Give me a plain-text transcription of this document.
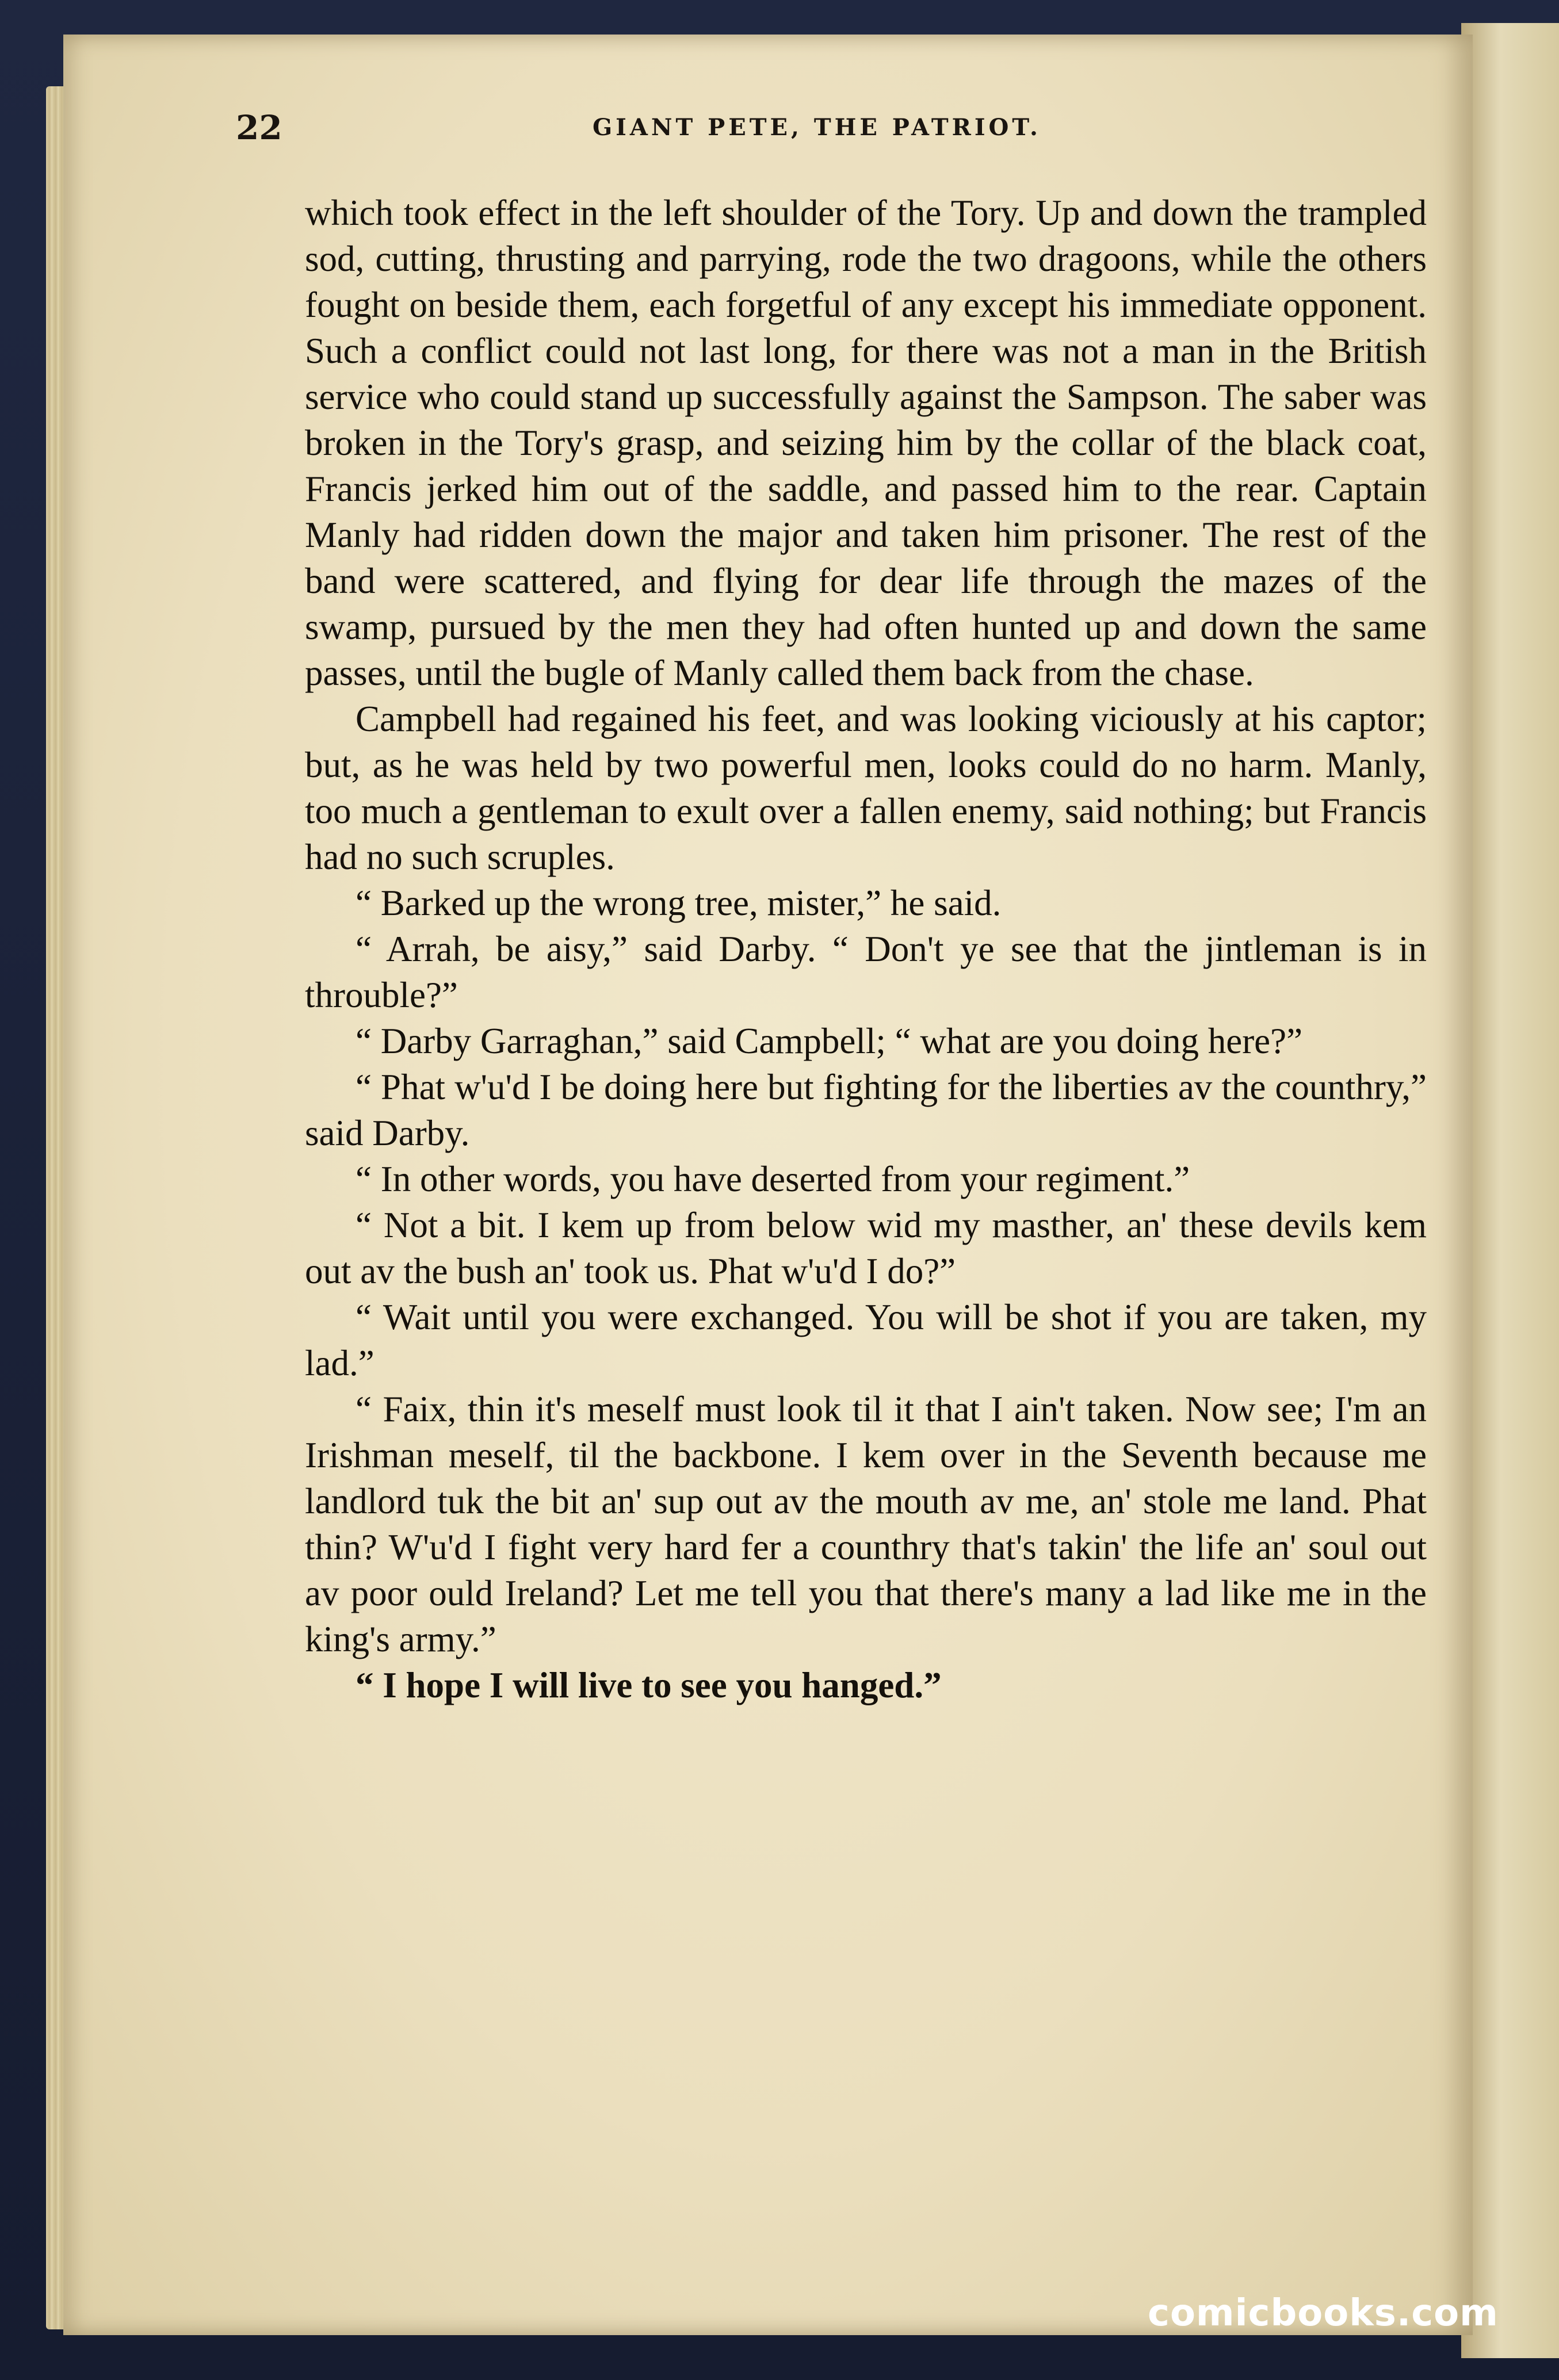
22	GIANT PETE, THE PATRIOT.

which took effect in the left shoulder of the Tory. Up and down the trampled sod, cutting, thrusting and parrying, rode the two dragoons, while the others fought on beside them, each forgetful of any except his immediate opponent. Such a conflict could not last long, for there was not a man in the British service who could stand up successfully against the Sampson. The saber was broken in the Tory's grasp, and seizing him by the collar of the black coat, Francis jerked him out of the saddle, and passed him to the rear. Captain Manly had ridden down the major and taken him prisoner. The rest of the band were scattered, and flying for dear life through the mazes of the swamp, pursued by the men they had often hunted up and down the same passes, until the bugle of Manly called them back from the chase.

Campbell had regained his feet, and was looking viciously at his captor; but, as he was held by two powerful men, looks could do no harm. Manly, too much a gentleman to exult over a fallen enemy, said nothing; but Francis had no such scruples.

“ Barked up the wrong tree, mister,” he said.

“ Arrah, be aisy,” said Darby. “ Don't ye see that the jintleman is in throuble?”

“ Darby Garraghan,” said Campbell; “ what are you doing here?”

“ Phat w'u'd I be doing here but fighting for the liberties av the counthry,” said Darby.

“ In other words, you have deserted from your regiment.”

“ Not a bit. I kem up from below wid my masther, an' these devils kem out av the bush an' took us. Phat w'u'd I do?”

“ Wait until you were exchanged. You will be shot if you are taken, my lad.”

“ Faix, thin it's meself must look til it that I ain't taken. Now see; I'm an Irishman meself, til the backbone. I kem over in the Seventh because me landlord tuk the bit an' sup out av the mouth av me, an' stole me land. Phat thin? W'u'd I fight very hard fer a counthry that's takin' the life an' soul out av poor ould Ireland? Let me tell you that there's many a lad like me in the king's army.”

“ I hope I will live to see you hanged.”

comicbooks.com
